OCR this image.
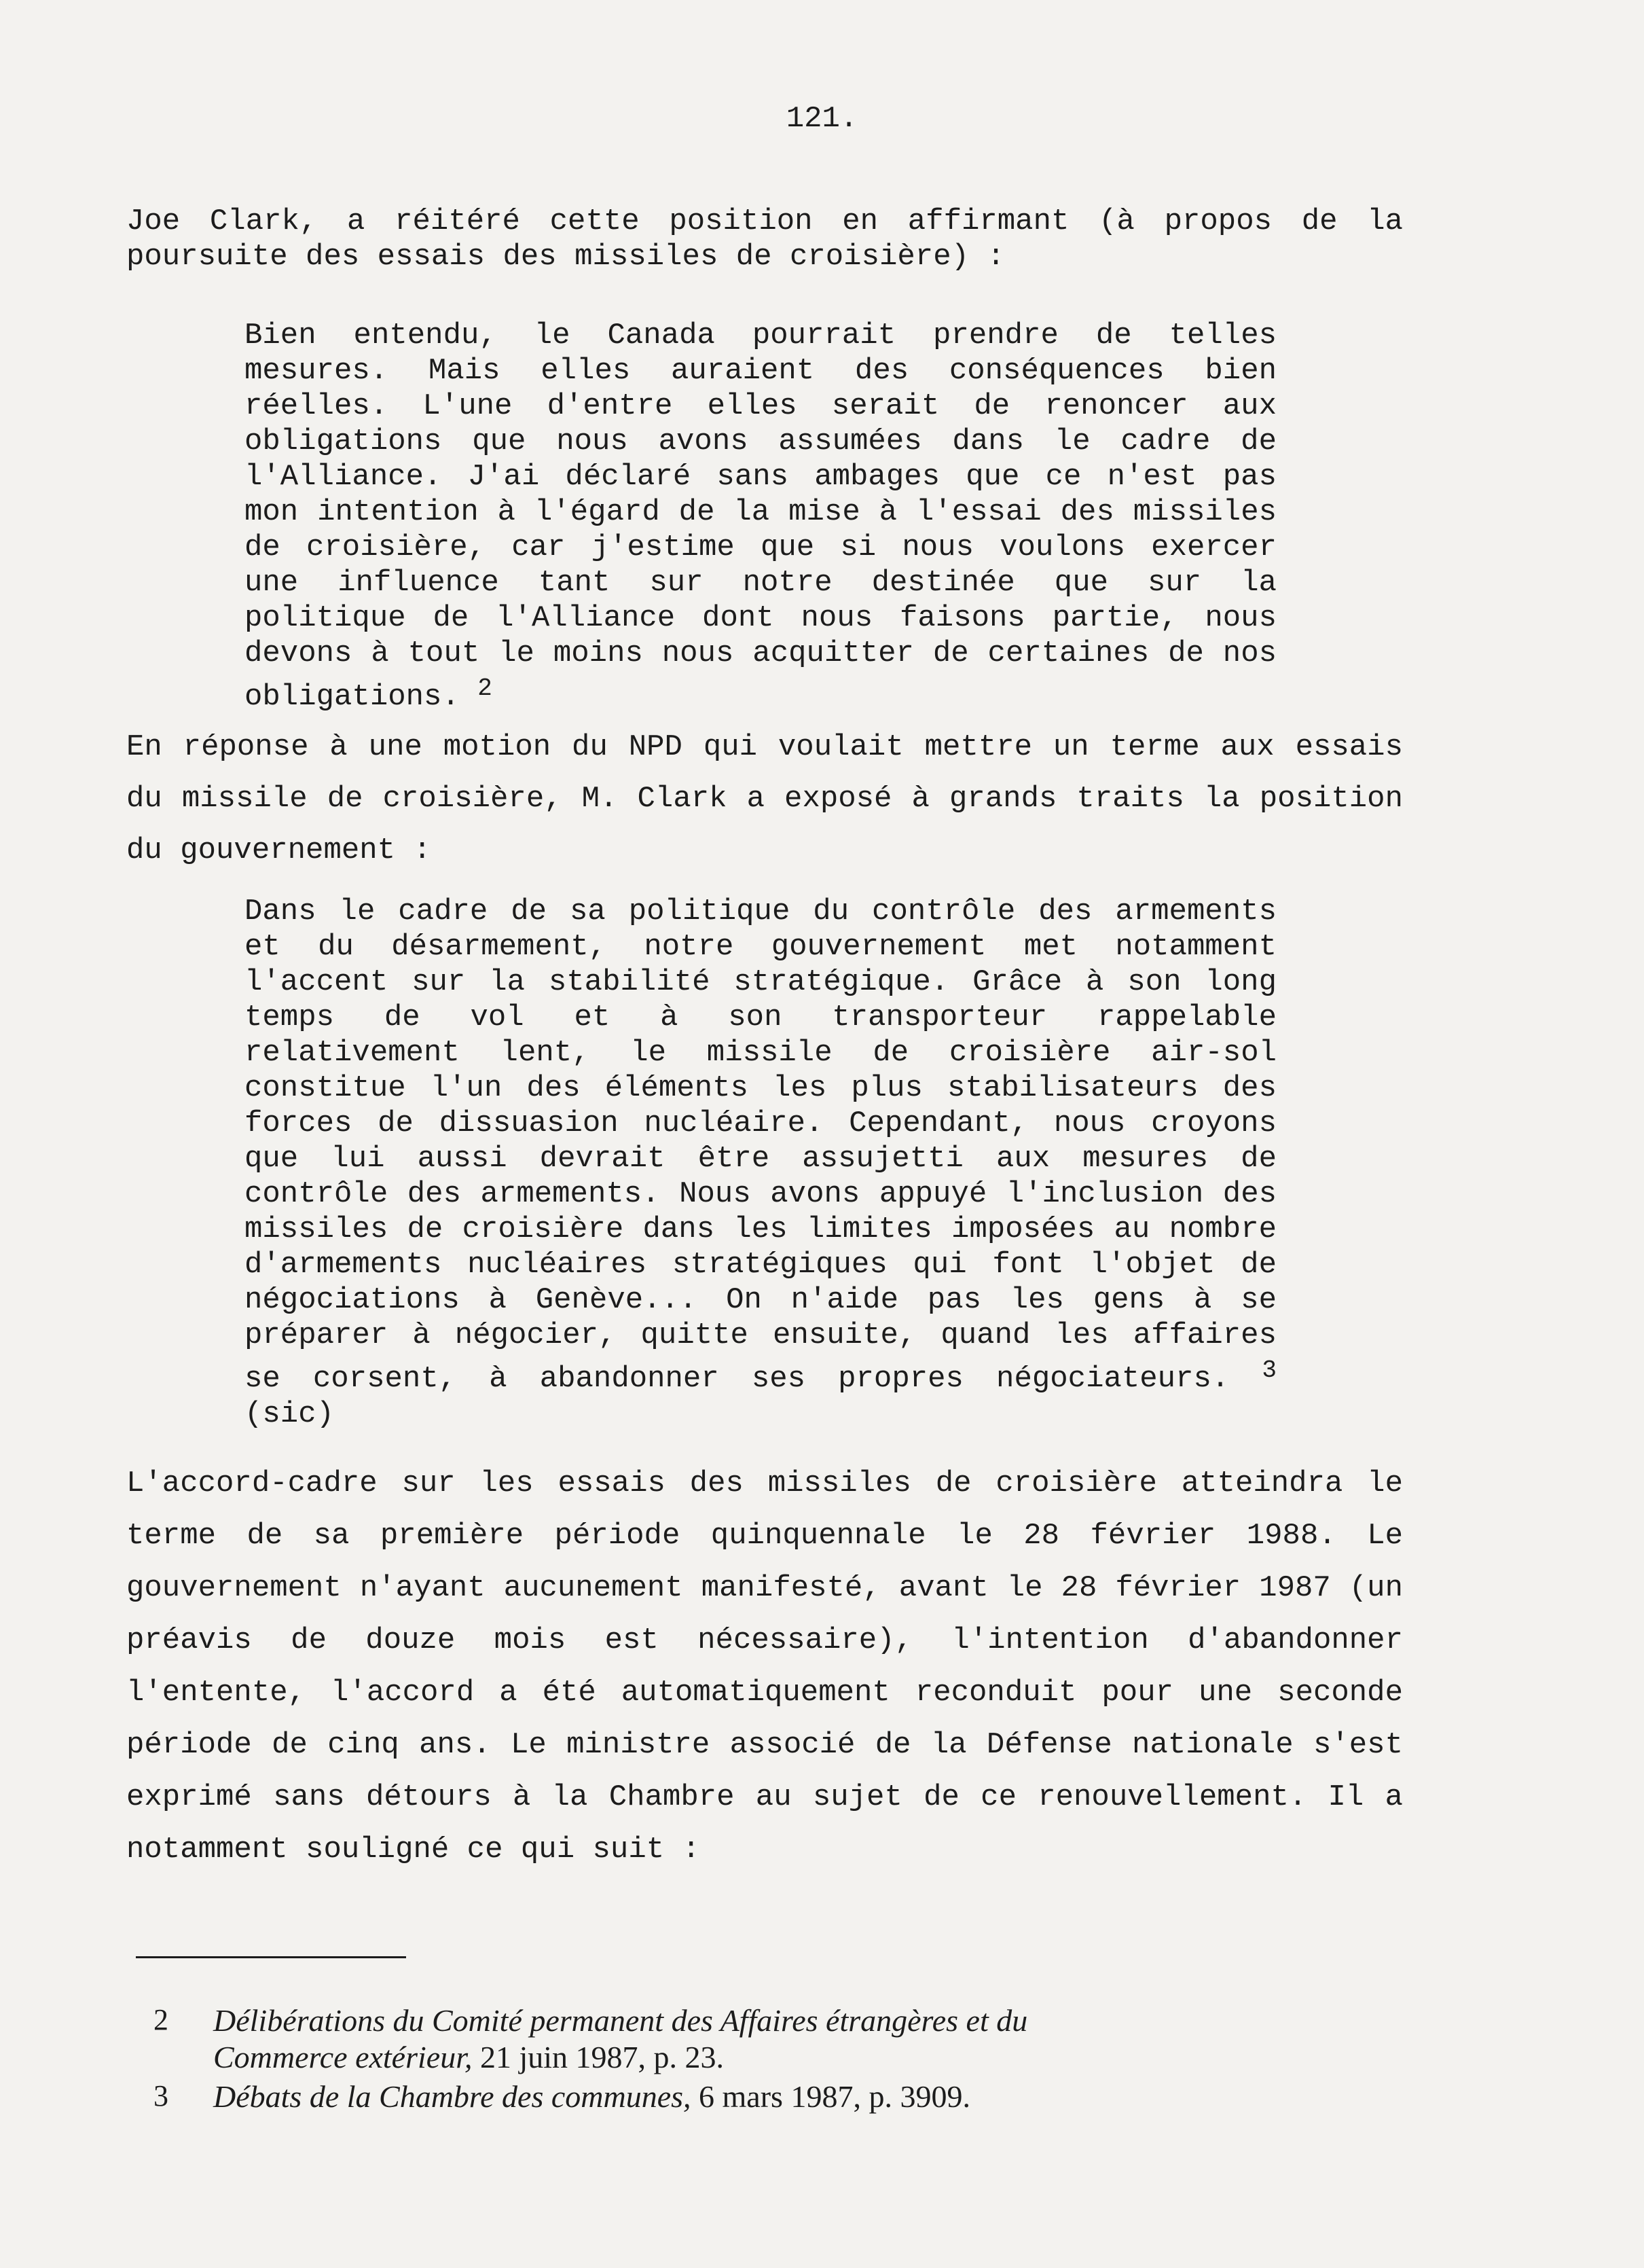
121.

Joe Clark, a réitéré cette position en affirmant (à propos de la poursuite des essais des missiles de croisière) :

Bien entendu, le Canada pourrait prendre de telles mesures. Mais elles auraient des conséquences bien réelles. L'une d'entre elles serait de renoncer aux obligations que nous avons assumées dans le cadre de l'Alliance. J'ai déclaré sans ambages que ce n'est pas mon intention à l'égard de la mise à l'essai des missiles de croisière, car j'estime que si nous voulons exercer une influence tant sur notre destinée que sur la politique de l'Alliance dont nous faisons partie, nous devons à tout le moins nous acquitter de certaines de nos obligations. $^2$

En réponse à une motion du NPD qui voulait mettre un terme aux essais du missile de croisière, M. Clark a exposé à grands traits la position du gouvernement :

Dans le cadre de sa politique du contrôle des armements et du désarmement, notre gouvernement met notamment l'accent sur la stabilité stratégique. Grâce à son long temps de vol et à son transporteur rappelable relativement lent, le missile de croisière air-sol constitue l'un des éléments les plus stabilisateurs des forces de dissuasion nucléaire. Cependant, nous croyons que lui aussi devrait être assujetti aux mesures de contrôle des armements. Nous avons appuyé l'inclusion des missiles de croisière dans les limites imposées au nombre d'armements nucléaires stratégiques qui font l'objet de négociations à Genève... On n'aide pas les gens à se préparer à négocier, quitte ensuite, quand les affaires se corsent, à abandonner ses propres négociateurs. $^3$ (sic)

L'accord-cadre sur les essais des missiles de croisière atteindra le terme de sa première période quinquennale le 28 février 1988. Le gouvernement n'ayant aucunement manifesté, avant le 28 février 1987 (un préavis de douze mois est nécessaire), l'intention d'abandonner l'entente, l'accord a été automatiquement reconduit pour une seconde période de cinq ans. Le ministre associé de la Défense nationale s'est exprimé sans détours à la Chambre au sujet de ce renouvellement. Il a notamment souligné ce qui suit :

2	Délibérations du Comité permanent des Affaires étrangères et du
Commerce extérieur, 21 juin 1987, p. 23.
3	Débats de la Chambre des communes, 6 mars 1987, p. 3909.
